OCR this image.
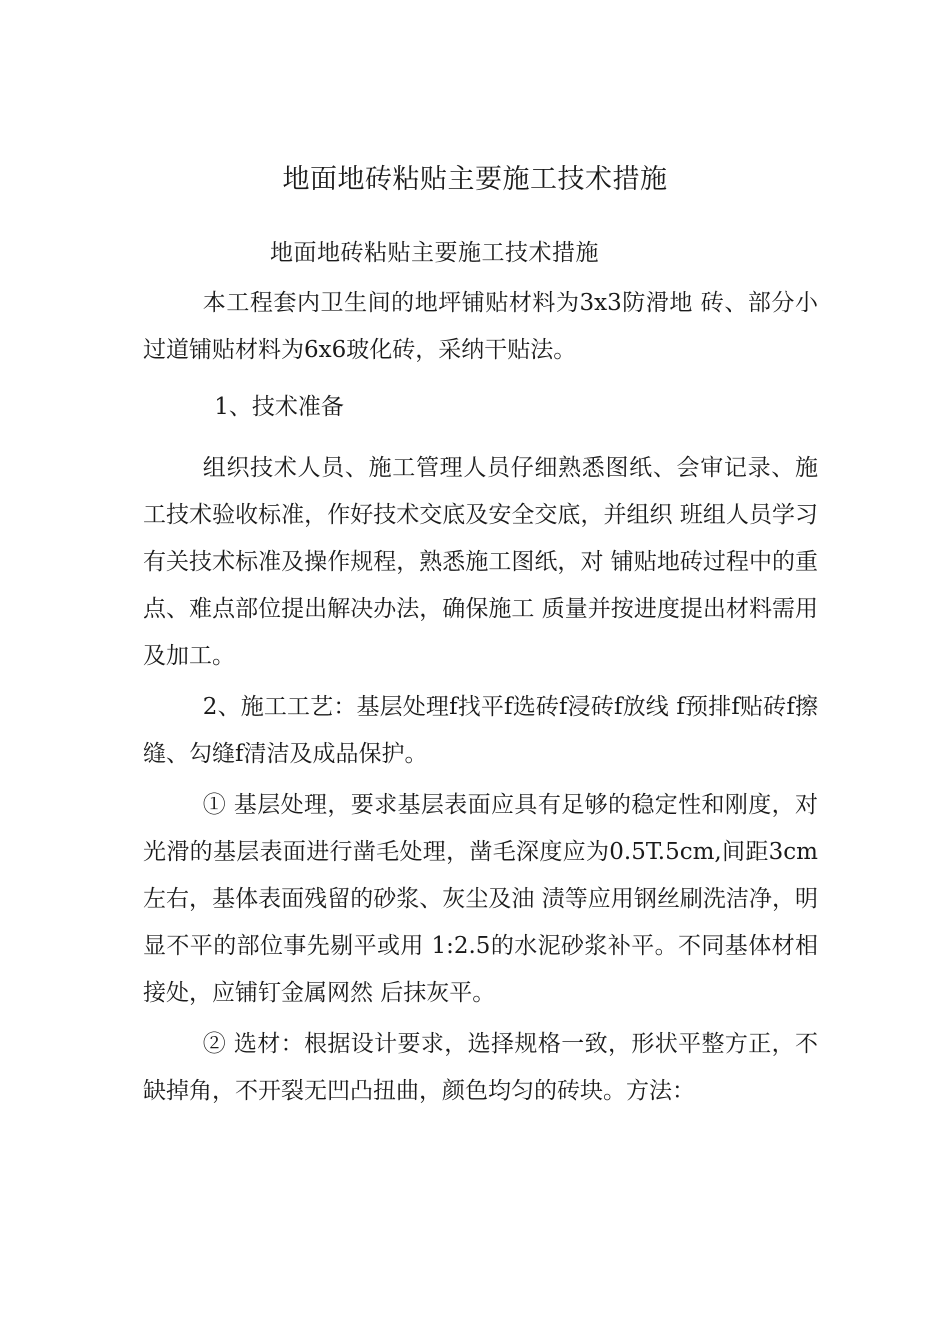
地面地砖粘贴主要施工技术措施
地面地砖粘贴主要施工技术措施

本工程套内卫生间的地坪铺贴材料为3x3防滑地 砖、部分小过道铺贴材料为6x6玻化砖，采纳干贴法。

1、技术准备

组织技术人员、施工管理人员仔细熟悉图纸、会审记录、施工技术验收标准，作好技术交底及安全交底，并组织 班组人员学习有关技术标准及操作规程，熟悉施工图纸，对 铺贴地砖过程中的重点、难点部位提出解决办法，确保施工 质量并按进度提出材料需用及加工。

2、施工工艺：基层处理f找平f选砖f浸砖f放线 f预排f贴砖f擦缝、勾缝f清洁及成品保护。

① 基层处理，要求基层表面应具有足够的稳定性和刚度，对光滑的基层表面进行凿毛处理，凿毛深度应为0.5T.5cm,间距3cm左右，基体表面残留的砂浆、灰尘及油 渍等应用钢丝刷洗洁净，明显不平的部位事先剔平或用 1:2.5的水泥砂浆补平。不同基体材相接处，应铺钉金属网然 后抹灰平。

② 选材：根据设计要求，选择规格一致，形状平整方正，不缺掉角，不开裂无凹凸扭曲，颜色均匀的砖块。方法：
